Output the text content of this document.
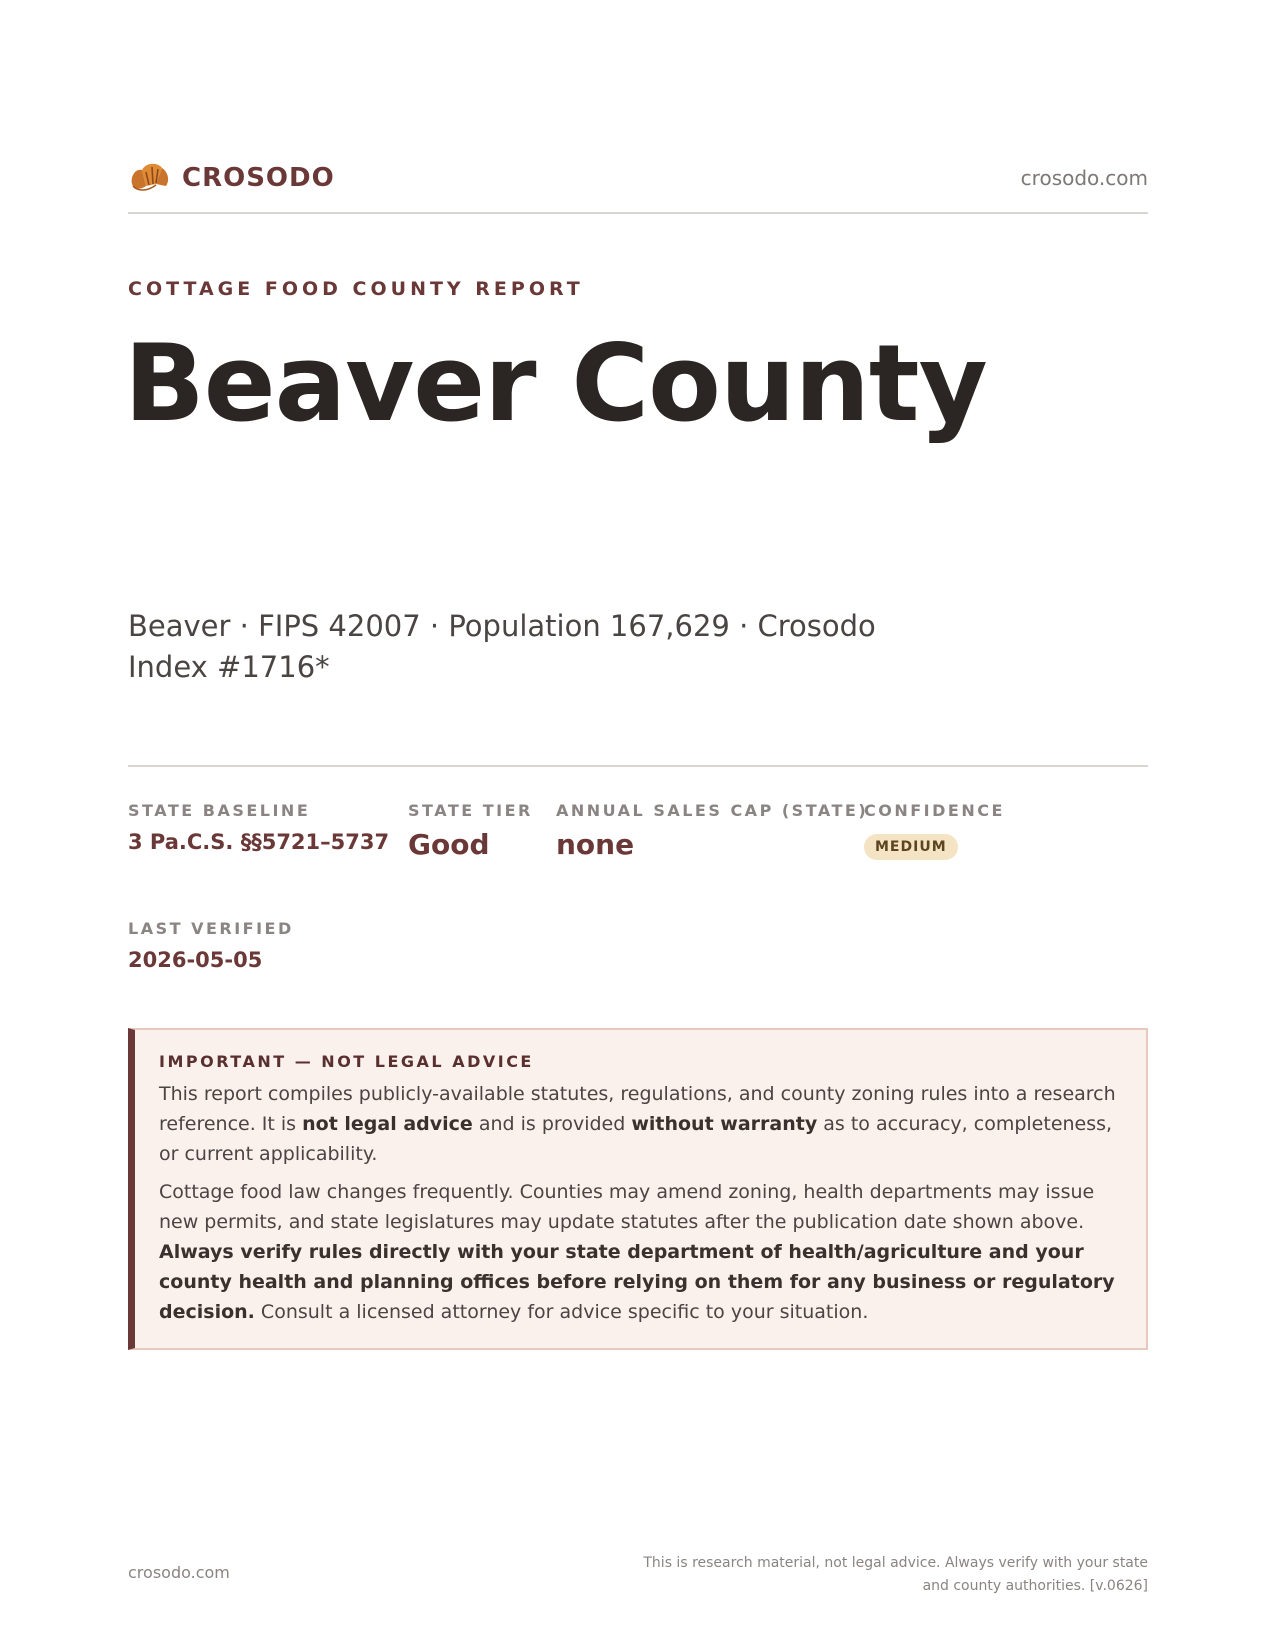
CROSODO	crosodo.com
COTTAGE FOOD COUNTY REPORT
Beaver County
Beaver · FIPS 42007 · Population 167,629 · Crosodo Index #1716*
STATE BASELINE
3 Pa.C.S. §§5721–5737
STATE TIER
Good
ANNUAL SALES CAP (STATE)
none
CONFIDENCE
MEDIUM
LAST VERIFIED
2026-05-05
IMPORTANT — NOT LEGAL ADVICE

This report compiles publicly-available statutes, regulations, and county zoning rules into a research reference. It is not legal advice and is provided without warranty as to accuracy, completeness, or current applicability.

Cottage food law changes frequently. Counties may amend zoning, health departments may issue new permits, and state legislatures may update statutes after the publication date shown above. Always verify rules directly with your state department of health/agriculture and your county health and planning offices before relying on them for any business or regulatory decision. Consult a licensed attorney for advice specific to your situation.

crosodo.com	This is research material, not legal advice. Always verify with your state and county authorities. [v.0626]
